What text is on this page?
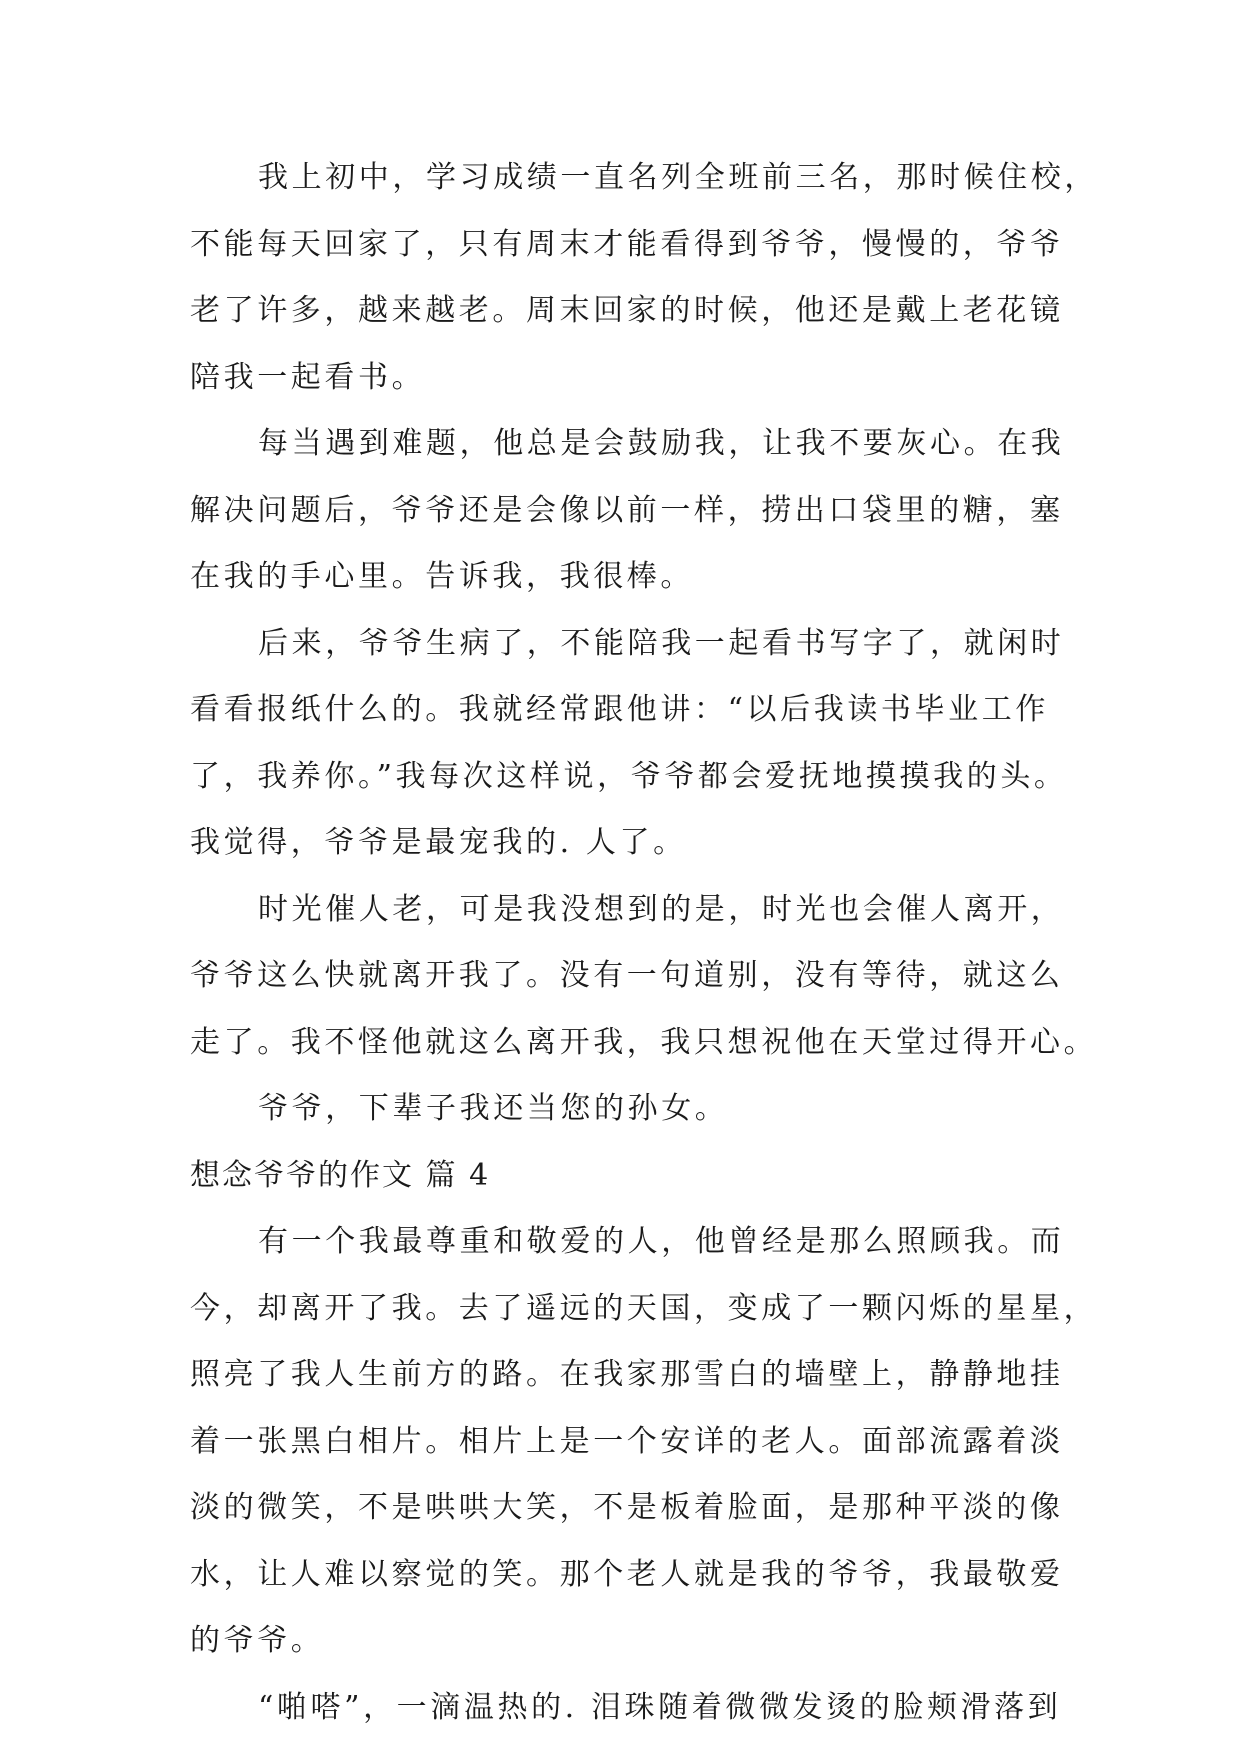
我上初中，学习成绩一直名列全班前三名，那时候住校，
不能每天回家了，只有周末才能看得到爷爷，慢慢的，爷爷
老了许多，越来越老。周末回家的时候，他还是戴上老花镜
陪我一起看书。
每当遇到难题，他总是会鼓励我，让我不要灰心。在我
解决问题后，爷爷还是会像以前一样，捞出口袋里的糖，塞
在我的手心里。告诉我，我很棒。
后来，爷爷生病了，不能陪我一起看书写字了，就闲时
看看报纸什么的。我就经常跟他讲：“以后我读书毕业工作
了，我养你。”我每次这样说，爷爷都会爱抚地摸摸我的头。
我觉得，爷爷是最宠我的. 人了。
时光催人老，可是我没想到的是，时光也会催人离开，
爷爷这么快就离开我了。没有一句道别，没有等待，就这么
走了。我不怪他就这么离开我，我只想祝他在天堂过得开心。
爷爷，下辈子我还当您的孙女。
想念爷爷的作文 篇 4
有一个我最尊重和敬爱的人，他曾经是那么照顾我。而
今，却离开了我。去了遥远的天国，变成了一颗闪烁的星星，
照亮了我人生前方的路。在我家那雪白的墙壁上，静静地挂
着一张黑白相片。相片上是一个安详的老人。面部流露着淡
淡的微笑，不是哄哄大笑，不是板着脸面，是那种平淡的像
水，让人难以察觉的笑。那个老人就是我的爷爷，我最敬爱
的爷爷。
“啪嗒”，一滴温热的. 泪珠随着微微发烫的脸颊滑落到
